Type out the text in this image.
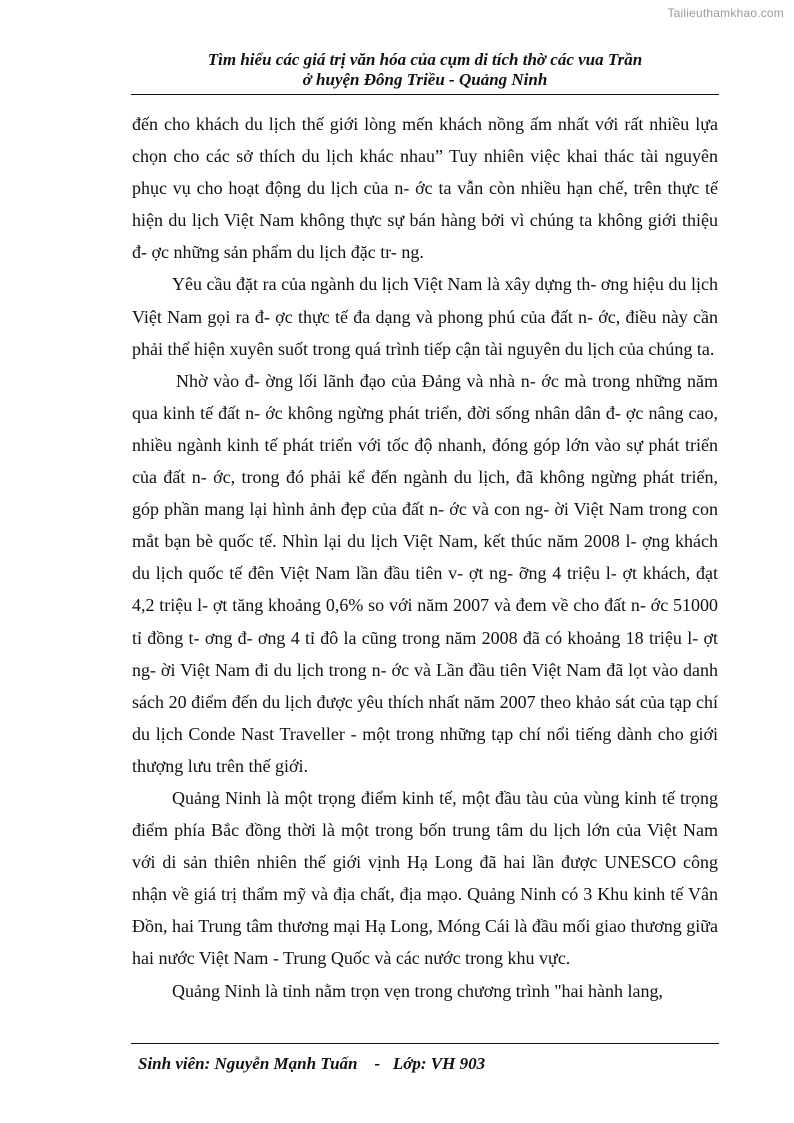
Tailieuthamkhao.com
Tìm hiểu các giá trị văn hóa của cụm di tích thờ các vua Trần
ở huyện Đông Triều - Quảng Ninh

đến cho khách du lịch thế giới lòng mến khách nồng ấm nhất với rất nhiều lựa chọn cho các sở thích du lịch khác nhau” Tuy nhiên việc khai thác tài nguyên phục vụ cho hoạt động du lịch của n- ớc ta vẫn còn nhiều hạn chế, trên thực tế hiện du lịch Việt Nam không thực sự bán hàng bởi vì chúng ta không giới thiệu đ- ợc những sản phẩm du lịch đặc tr- ng.

Yêu cầu đặt ra của ngành du lịch Việt Nam là xây dựng th- ơng hiệu du lịch Việt Nam gọi ra đ- ợc thực tế đa dạng và phong phú của đất n- ớc, điều này cần phải thể hiện xuyên suốt trong quá trình tiếp cận tài nguyên du lịch của chúng ta.

Nhờ vào đ- ờng lối lãnh đạo của Đảng và nhà n- ớc mà trong những năm qua kinh tế đất n- ớc không ngừng phát triển, đời sống nhân dân đ- ợc nâng cao, nhiều ngành kinh tế phát triển với tốc độ nhanh, đóng góp lớn vào sự phát triển của đất n- ớc, trong đó phải kể đến ngành du lịch, đã không ngừng phát triển, góp phần mang lại hình ảnh đẹp của đất n- ớc và con ng- ời Việt Nam trong con mắt bạn bè quốc tế. Nhìn lại du lịch Việt Nam, kết thúc năm 2008 l- ợng khách du lịch quốc tế đên Việt Nam lần đầu tiên v- ợt ng- ỡng 4 triệu l- ợt khách, đạt 4,2 triệu l- ợt tăng khoảng 0,6% so với năm 2007 và đem về cho đất n- ớc 51000 tỉ đồng t- ơng đ- ơng 4 tỉ đô la cũng trong năm 2008 đã có khoảng 18 triệu l- ợt ng- ời Việt Nam đi du lịch trong n- ớc và Lần đầu tiên Việt Nam đã lọt vào danh sách 20 điểm đến du lịch được yêu thích nhất năm 2007 theo khảo sát của tạp chí du lịch Conde Nast Traveller - một trong những tạp chí nổi tiếng dành cho giới thượng lưu trên thế giới.

Quảng Ninh là một trọng điểm kinh tế, một đầu tàu của vùng kinh tế trọng điểm phía Bắc đồng thời là một trong bốn trung tâm du lịch lớn của Việt Nam với di sản thiên nhiên thế giới vịnh Hạ Long đã hai lần được UNESCO công nhận về giá trị thẩm mỹ và địa chất, địa mạo. Quảng Ninh có 3 Khu kinh tế Vân Đồn, hai Trung tâm thương mại Hạ Long, Móng Cái là đầu mối giao thương giữa hai nước Việt Nam - Trung Quốc và các nước trong khu vực.

Quảng Ninh là tỉnh nằm trọn vẹn trong chương trình "hai hành lang,

Sinh viên: Nguyễn Mạnh Tuấn    -   Lớp: VH 903
